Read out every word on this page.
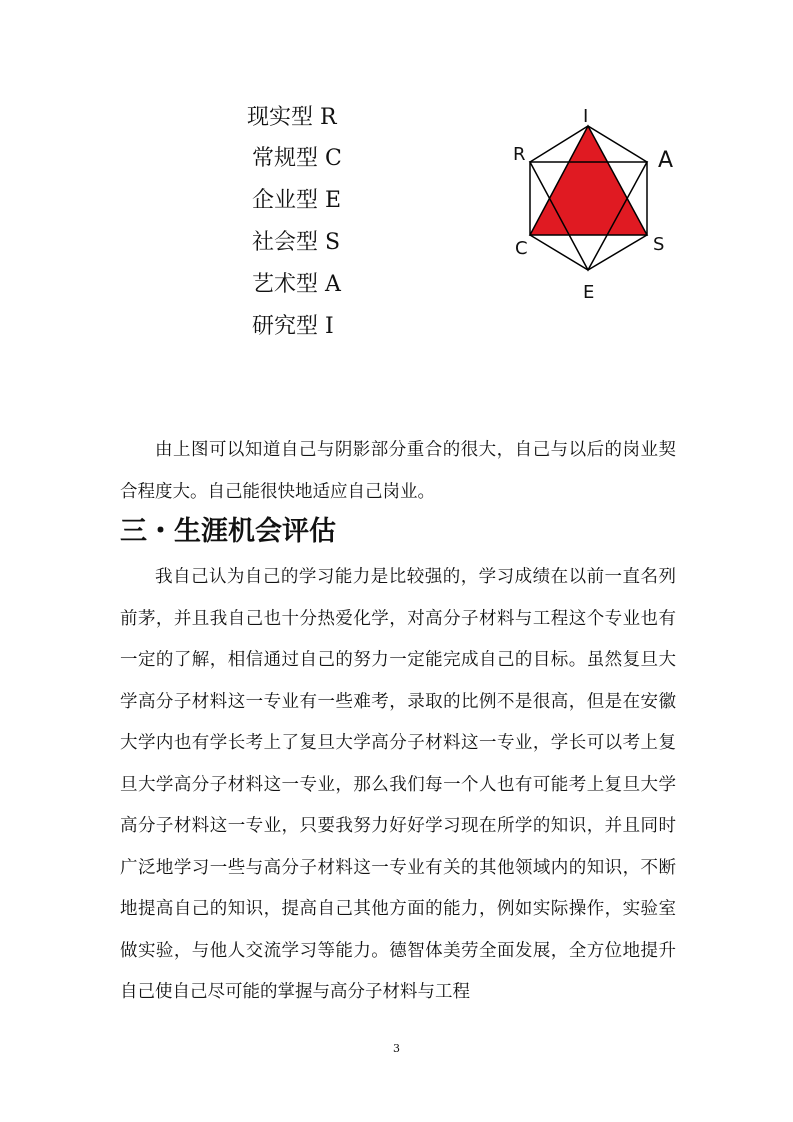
现实型 R
常规型 C
企业型 E
社会型 S
艺术型 A
研究型 I
I
R	A
C	S
E
由上图可以知道自己与阴影部分重合的很大，自己与以后的岗业契合程度大。自己能很快地适应自己岗业。
三・生涯机会评估
我自己认为自己的学习能力是比较强的，学习成绩在以前一直名列前茅，并且我自己也十分热爱化学，对高分子材料与工程这个专业也有一定的了解，相信通过自己的努力一定能完成自己的目标。虽然复旦大学高分子材料这一专业有一些难考，录取的比例不是很高，但是在安徽大学内也有学长考上了复旦大学高分子材料这一专业，学长可以考上复旦大学高分子材料这一专业，那么我们每一个人也有可能考上复旦大学高分子材料这一专业，只要我努力好好学习现在所学的知识，并且同时广泛地学习一些与高分子材料这一专业有关的其他领域内的知识，不断地提高自己的知识，提高自己其他方面的能力，例如实际操作，实验室做实验，与他人交流学习等能力。德智体美劳全面发展，全方位地提升自己使自己尽可能的掌握与高分子材料与工程
3
